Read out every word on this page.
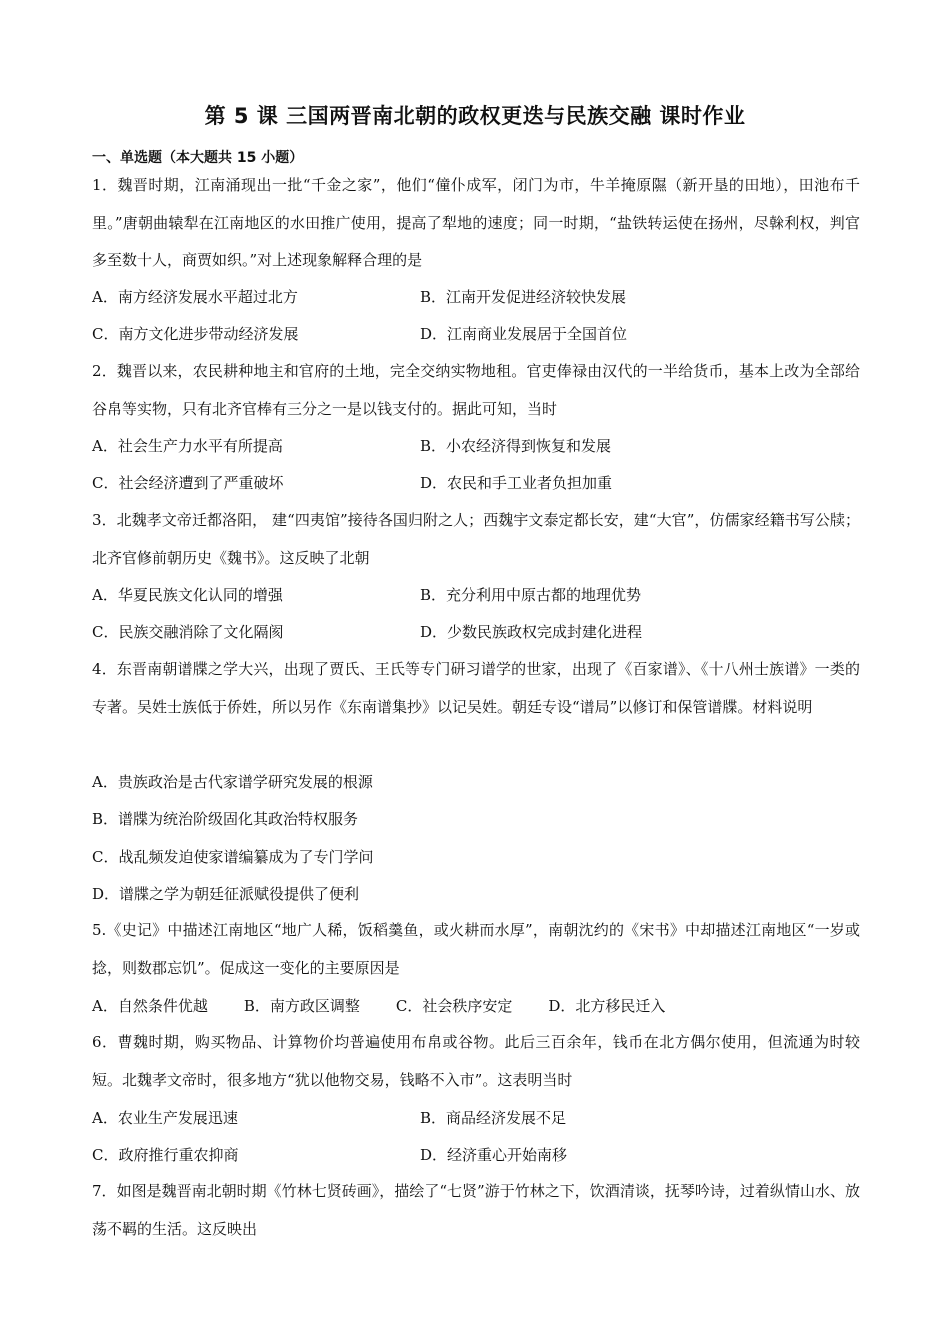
第 5 课 三国两晋南北朝的政权更迭与民族交融 课时作业
一、单选题（本大题共 15 小题）
1．魏晋时期，江南涌现出一批“千金之家”，他们“僮仆成军，闭门为市，牛羊掩原隰（新开垦的田地），田池布千里。”唐朝曲辕犁在江南地区的水田推广使用，提高了犁地的速度；同一时期，“盐铁转运使在扬州，尽榦利权，判官多至数十人，商贾如织。”对上述现象解释合理的是
A．南方经济发展水平超过北方	B．江南开发促进经济较快发展
C．南方文化进步带动经济发展	D．江南商业发展居于全国首位
2．魏晋以来，农民耕种地主和官府的土地，完全交纳实物地租。官吏俸禄由汉代的一半给货币，基本上改为全部给谷帛等实物，只有北齐官棒有三分之一是以钱支付的。据此可知，当时
A．社会生产力水平有所提高	B．小农经济得到恢复和发展
C．社会经济遭到了严重破坏	D．农民和手工业者负担加重
3．北魏孝文帝迁都洛阳， 建“四夷馆”接待各国归附之人；西魏宇文泰定都长安，建“大官”，仿儒家经籍书写公牍；北齐官修前朝历史《魏书》。这反映了北朝
A．华夏民族文化认同的增强	B．充分利用中原古都的地理优势
C．民族交融消除了文化隔阂	D．少数民族政权完成封建化进程
4．东晋南朝谱牒之学大兴，出现了贾氏、王氏等专门研习谱学的世家，出现了《百家谱》、《十八州士族谱》一类的专著。吴姓士族低于侨姓，所以另作《东南谱集抄》以记吴姓。朝廷专设“谱局”以修订和保管谱牒。材料说明
A．贵族政治是古代家谱学研究发展的根源
B．谱牒为统治阶级固化其政治特权服务
C．战乱频发迫使家谱编纂成为了专门学问
D．谱牒之学为朝廷征派赋役提供了便利
5.《史记》中描述江南地区“地广人稀，饭稻羹鱼，或火耕而水厚”，南朝沈约的《宋书》中却描述江南地区“一岁或捻，则数郡忘饥”。促成这一变化的主要原因是
A．自然条件优越 B．南方政区调整 C．社会秩序安定 D．北方移民迁入
6．曹魏时期，购买物品、计算物价均普遍使用布帛或谷物。此后三百余年，钱币在北方偶尔使用，但流通为时较短。北魏孝文帝时，很多地方“犹以他物交易，钱略不入市”。这表明当时
A．农业生产发展迅速	B．商品经济发展不足
C．政府推行重农抑商	D．经济重心开始南移
7．如图是魏晋南北朝时期《竹林七贤砖画》，描绘了“七贤”游于竹林之下，饮酒清谈，抚琴吟诗，过着纵情山水、放荡不羁的生活。这反映出
